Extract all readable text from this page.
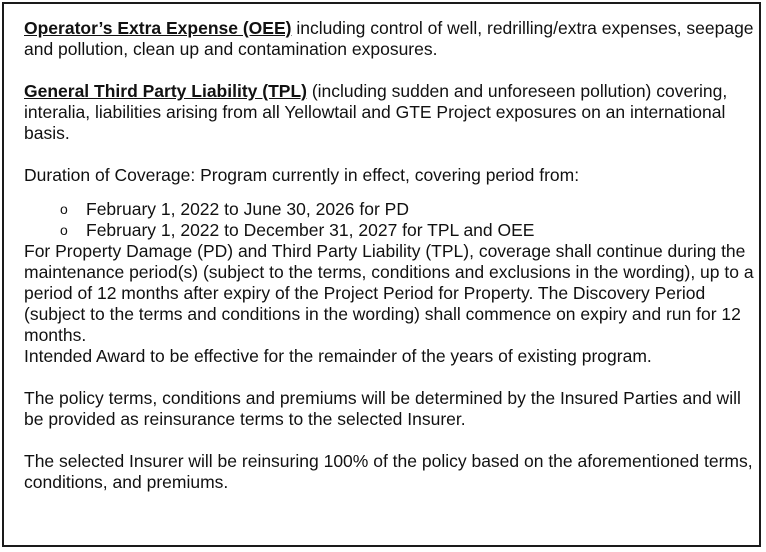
Operator’s Extra Expense (OEE) including control of well, redrilling/extra expenses, seepage and pollution, clean up and contamination exposures.

General Third Party Liability (TPL) (including sudden and unforeseen pollution) covering, interalia, liabilities arising from all Yellowtail and GTE Project exposures on an international basis.

Duration of Coverage: Program currently in effect, covering period from:

o February 1, 2022 to June 30, 2026 for PD
o February 1, 2022 to December 31, 2027 for TPL and OEE

For Property Damage (PD) and Third Party Liability (TPL), coverage shall continue during the maintenance period(s) (subject to the terms, conditions and exclusions in the wording), up to a period of 12 months after expiry of the Project Period for Property. The Discovery Period (subject to the terms and conditions in the wording) shall commence on expiry and run for 12 months.

Intended Award to be effective for the remainder of the years of existing program.

The policy terms, conditions and premiums will be determined by the Insured Parties and will be provided as reinsurance terms to the selected Insurer.

The selected Insurer will be reinsuring 100% of the policy based on the aforementioned terms, conditions, and premiums.
